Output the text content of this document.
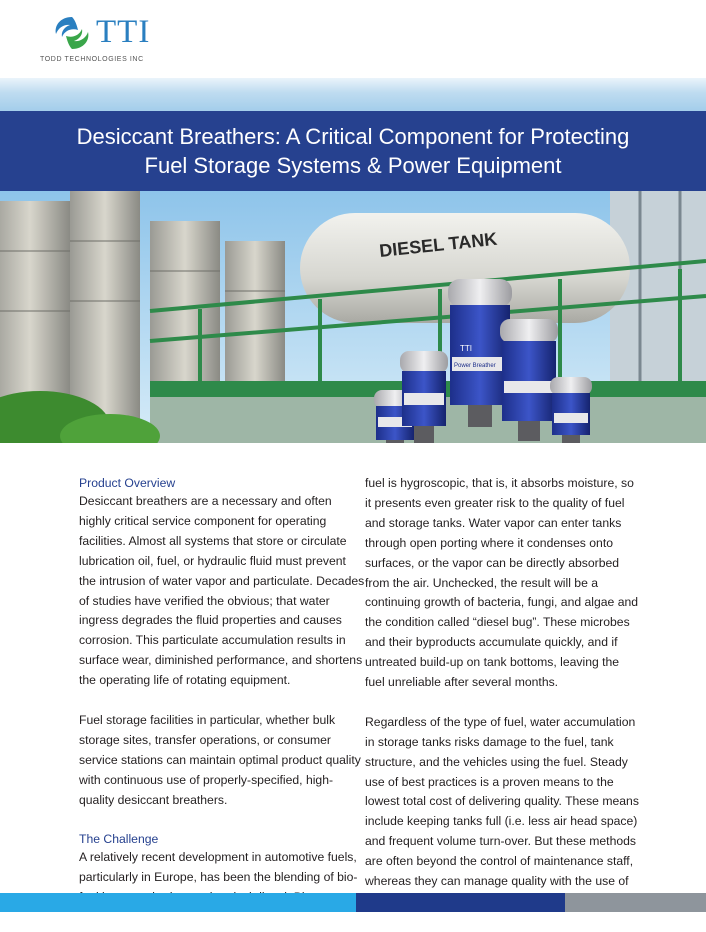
TTI
TODD TECHNOLOGIES INC
Desiccant Breathers: A Critical Component for Protecting
Fuel Storage Systems & Power Equipment
DIESEL TANK
TTI
Power Breather
Product Overview

Desiccant breathers are a necessary and often highly critical service component for operating facilities. Almost all systems that store or circulate lubrication oil, fuel, or hydraulic fluid must prevent the intrusion of water vapor and particulate. Decades of studies have verified the obvious; that water ingress degrades the fluid properties and causes corrosion. This particulate accumulation results in surface wear, diminished performance, and shortens the operating life of rotating equipment.

Fuel storage facilities in particular, whether bulk storage sites, transfer operations, or consumer service stations can maintain optimal product quality with continuous use of properly-specified, high-quality desiccant breathers.

The Challenge

A relatively recent development in automotive fuels, particularly in Europe, has been the blending of bio-

fuel is hygroscopic, that is, it absorbs moisture, so it presents even greater risk to the quality of fuel and storage tanks. Water vapor can enter tanks through open porting where it condenses onto surfaces, or the vapor can be directly absorbed from the air. Unchecked, the result will be a continuing growth of bacteria, fungi, and algae and the condition called “diesel bug”. These microbes and their byproducts accumulate quickly, and if untreated build-up on tank bottoms, leaving the fuel unreliable after several months.

Regardless of the type of fuel, water accumulation in storage tanks risks damage to the fuel, tank structure, and the vehicles using the fuel. Steady use of best practices is a proven means to the lowest total cost of delivering quality. These means include keeping tanks full (i.e. less air head space) and frequent volume turn-over. But these methods are often beyond the control of maintenance staff, whereas they can manage quality with the use of
